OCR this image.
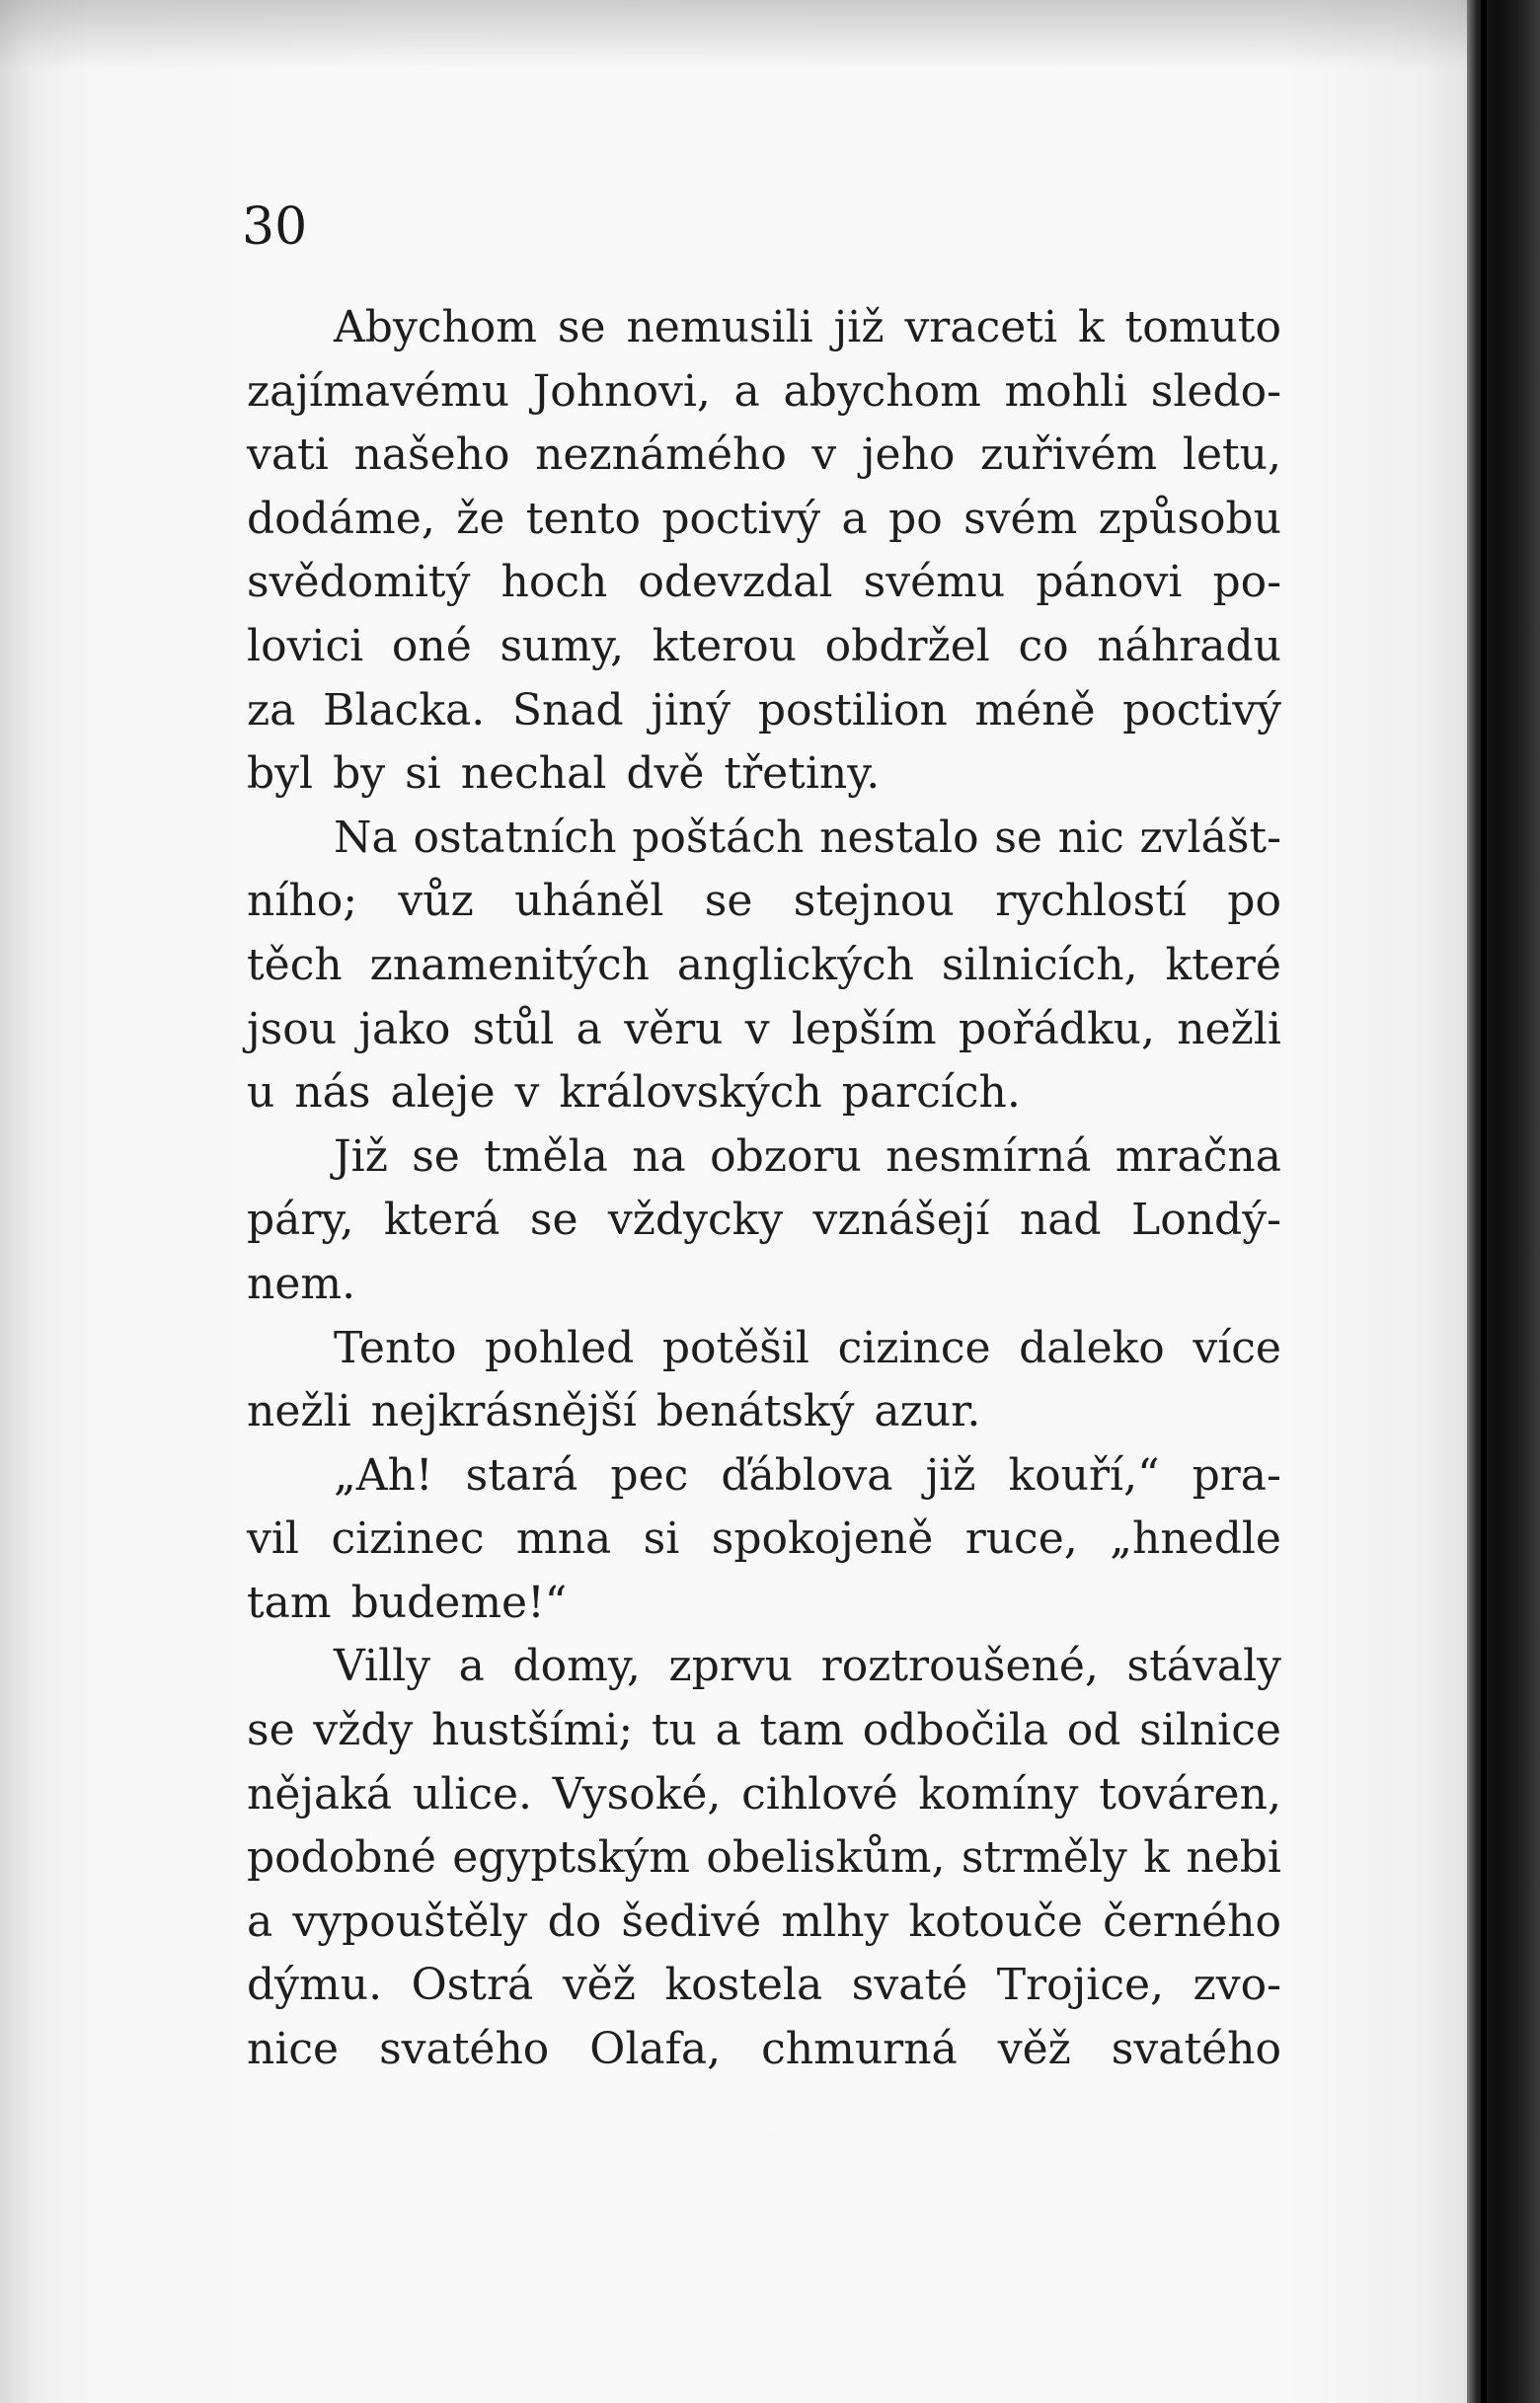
30
Abychom se nemusili již vraceti k tomuto
zajímavému Johnovi, a abychom mohli sledo-
vati našeho neznámého v jeho zuřivém letu,
dodáme, že tento poctivý a po svém způsobu
svědomitý hoch odevzdal svému pánovi po-
lovici oné sumy, kterou obdržel co náhradu
za Blacka. Snad jiný postilion méně poctivý
byl by si nechal dvě třetiny.
Na ostatních poštách nestalo se nic zvlášt-
ního; vůz uháněl se stejnou rychlostí po
těch znamenitých anglických silnicích, které
jsou jako stůl a věru v lepším pořádku, nežli
u nás aleje v královských parcích.
Již se tměla na obzoru nesmírná mračna
páry, která se vždycky vznášejí nad Londý-
nem.
Tento pohled potěšil cizince daleko více
nežli nejkrásnější benátský azur.
„Ah! stará pec ďáblova již kouří,“ pra-
vil cizinec mna si spokojeně ruce, „hnedle
tam budeme!“
Villy a domy, zprvu roztroušené, stávaly
se vždy hustšími; tu a tam odbočila od silnice
nějaká ulice. Vysoké, cihlové komíny továren,
podobné egyptským obeliskům, strměly k nebi
a vypouštěly do šedivé mlhy kotouče černého
dýmu. Ostrá věž kostela svaté Trojice, zvo-
nice svatého Olafa, chmurná věž svatého
